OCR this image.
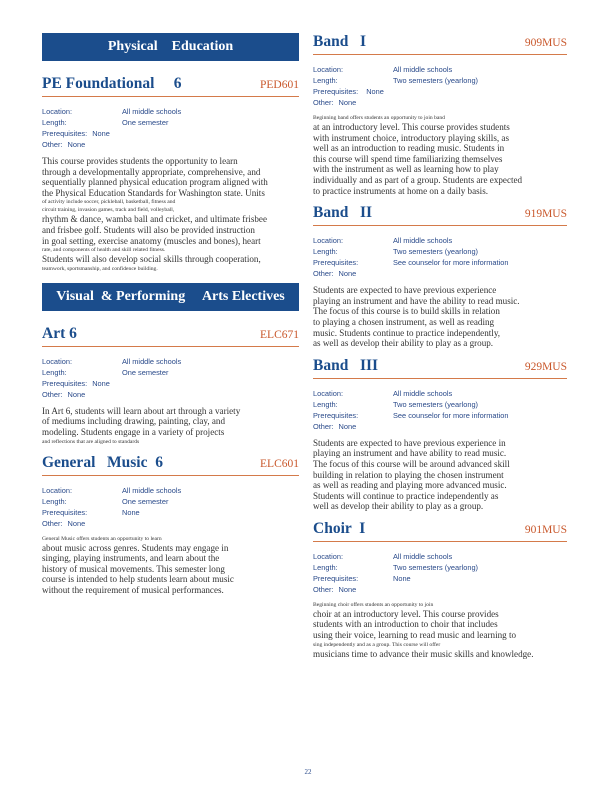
Physical    Education
PE Foundational     6	PED601
Location:	All middle schools
Length:	One semester
Prerequisites: None
Other: None

This course provides students the opportunity to learn
through a developmentally appropriate, comprehensive, and
sequentially planned physical education program aligned with
the Physical Education Standards for Washington state. Units
of activity include soccer, pickleball, basketball, fitness and
circuit training, invasion games, track and field, volleyball,
rhythm & dance, wamba ball and cricket, and ultimate frisbee
and frisbee golf. Students will also be provided instruction
in goal setting, exercise anatomy (muscles and bones), heart
rate, and components of health and skill related fitness.
Students will also develop social skills through cooperation,
teamwork, sportsmanship, and confidence building.

Visual  & Performing     Arts Electives
Art 6	ELC671
Location:	All middle schools
Length:	One semester
Prerequisites: None
Other: None

In Art 6, students will learn about art through a variety
of mediums including drawing, painting, clay, and
modeling. Students engage in a variety of projects
and reflections that are aligned to standards

General   Music  6	ELC601
Location:	All middle schools
Length:	One semester
Prerequisites:	None
Other: None

General Music offers students an opportunity to learn
about music across genres. Students may engage in
singing, playing instruments, and learn about the
history of musical movements. This semester long
course is intended to help students learn about music
without the requirement of musical performances.

Band   I	909MUS
Location:	All middle schools
Length:	Two semesters (yearlong)
Prerequisites: None
Other: None

Beginning band offers students an opportunity to join band
at an introductory level. This course provides students
with instrument choice, introductory playing skills, as
well as an introduction to reading music. Students in
this course will spend time familiarizing themselves
with the instrument as well as learning how to play
individually and as part of a group. Students are expected
to practice instruments at home on a daily basis.

Band   II	919MUS
Location:	All middle schools
Length:	Two semesters (yearlong)
Prerequisites:	See counselor for more information
Other: None

Students are expected to have previous experience
playing an instrument and have the ability to read music.
The focus of this course is to build skills in relation
to playing a chosen instrument, as well as reading
music. Students continue to practice independently,
as well as develop their ability to play as a group.

Band   III	929MUS
Location:	All middle schools
Length:	Two semesters (yearlong)
Prerequisites:	See counselor for more information
Other: None

Students are expected to have previous experience in
playing an instrument and have ability to read music.
The focus of this course will be around advanced skill
building in relation to playing the chosen instrument
as well as reading and playing more advanced music.
Students will continue to practice independently as
well as develop their ability to play as a group.

Choir  I	901MUS
Location:	All middle schools
Length:	Two semesters (yearlong)
Prerequisites:	None
Other: None

Beginning choir offers students an opportunity to join
choir at an introductory level. This course provides
students with an introduction to choir that includes
using their voice, learning to read music and learning to
sing independently and as a group. This course will offer
musicians time to advance their music skills and knowledge.

22
